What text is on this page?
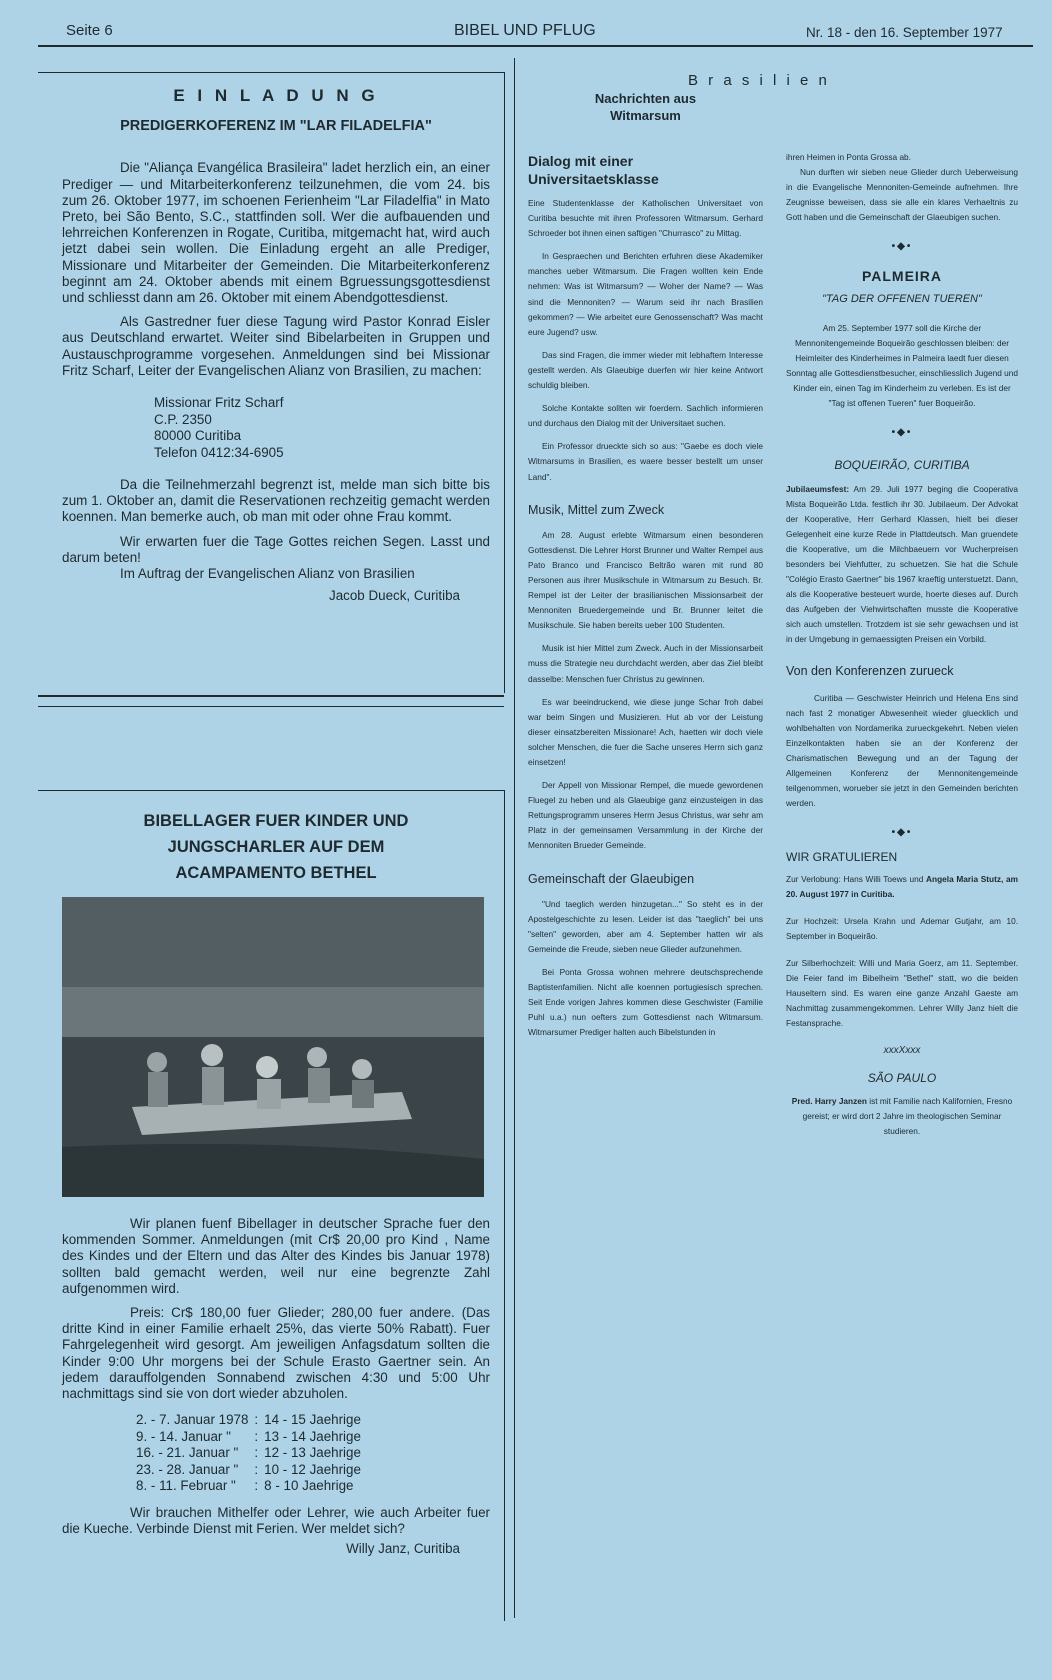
Seite 6	BIBEL UND PFLUG	Nr. 18 - den 16. September 1977
E I N L A D U N G
PREDIGERKOFERENZ IM "LAR FILADELFIA"

Die "Aliança Evangélica Brasileira" ladet herzlich ein, an einer Prediger — und Mitarbeiterkonferenz teilzunehmen, die vom 24. bis zum 26. Oktober 1977, im schoenen Ferienheim "Lar Filadelfia" in Mato Preto, bei São Bento, S.C., stattfinden soll. Wer die aufbauenden und lehrreichen Konferenzen in Rogate, Curitiba, mitgemacht hat, wird auch jetzt dabei sein wollen. Die Einladung ergeht an alle Prediger, Missionare und Mitarbeiter der Gemeinden. Die Mitarbeiterkonferenz beginnt am 24. Oktober abends mit einem Bgruessungsgottesdienst und schliesst dann am 26. Oktober mit einem Abendgottesdienst.

Als Gastredner fuer diese Tagung wird Pastor Konrad Eisler aus Deutschland erwartet. Weiter sind Bibelarbeiten in Gruppen und Austauschprogramme vorgesehen. Anmeldungen sind bei Missionar Fritz Scharf, Leiter der Evangelischen Alianz von Brasilien, zu machen:

Missionar Fritz Scharf
C.P. 2350
80000 Curitiba
Telefon 0412:34-6905

Da die Teilnehmerzahl begrenzt ist, melde man sich bitte bis zum 1. Oktober an, damit die Reservationen rechzeitig gemacht werden koennen. Man bemerke auch, ob man mit oder ohne Frau kommt.

Wir erwarten fuer die Tage Gottes reichen Segen. Lasst und darum beten!

Im Auftrag der Evangelischen Alianz von Brasilien
Jacob Dueck, Curitiba
BIBELLAGER FUER KINDER UND
JUNGSCHARLER AUF DEM
ACAMPAMENTO BETHEL

Wir planen fuenf Bibellager in deutscher Sprache fuer den kommenden Sommer. Anmeldungen (mit Cr$ 20,00 pro Kind , Name des Kindes und der Eltern und das Alter des Kindes bis Januar 1978) sollten bald gemacht werden, weil nur eine begrenzte Zahl aufgenommen wird.

Preis: Cr$ 180,00 fuer Glieder; 280,00 fuer andere. (Das dritte Kind in einer Familie erhaelt 25%, das vierte 50% Rabatt). Fuer Fahrgelegenheit wird gesorgt. Am jeweiligen Anfagsdatum sollten die Kinder 9:00 Uhr morgens bei der Schule Erasto Gaertner sein. An jedem darauffolgenden Sonnabend zwischen 4:30 und 5:00 Uhr nachmittags sind sie von dort wieder abzuholen.

2. - 7. Januar 1978	:	14 - 15 Jaehrige
9. - 14. Januar "	:	13 - 14 Jaehrige
16. - 21. Januar "	:	12 - 13 Jaehrige
23. - 28. Januar "	:	10 - 12 Jaehrige
8. - 11. Februar "	:	8 - 10 Jaehrige

Wir brauchen Mithelfer oder Lehrer, wie auch Arbeiter fuer die Kueche. Verbinde Dienst mit Ferien. Wer meldet sich?

Willy Janz, Curitiba
B r a s i l i e n
Nachrichten aus
Witmarsum
Dialog mit einer Universitaetsklasse

Eine Studentenklasse der Katholischen Universitaet von Curitiba besuchte mit ihren Professoren Witmarsum. Gerhard Schroeder bot ihnen einen saftigen "Churrasco" zu Mittag.

In Gespraechen und Berichten erfuhren diese Akademiker manches ueber Witmarsum. Die Fragen wollten kein Ende nehmen: Was ist Witmarsum? — Woher der Name? — Was sind die Mennoniten? — Warum seid ihr nach Brasilien gekommen? — Wie arbeitet eure Genossenschaft? Was macht eure Jugend? usw.

Das sind Fragen, die immer wieder mit lebhaftem Interesse gestellt werden. Als Glaeubige duerfen wir hier keine Antwort schuldig bleiben.

Solche Kontakte sollten wir foerdern. Sachlich informieren und durchaus den Dialog mit der Universitaet suchen.

Ein Professor drueckte sich so aus: "Gaebe es doch viele Witmarsums in Brasilien, es waere besser bestellt um unser Land".

Musik, Mittel zum Zweck

Am 28. August erlebte Witmarsum einen besonderen Gottesdienst. Die Lehrer Horst Brunner und Walter Rempel aus Pato Branco und Francisco Beltrão waren mit rund 80 Personen aus ihrer Musikschule in Witmarsum zu Besuch. Br. Rempel ist der Leiter der brasilianischen Missionsarbeit der Mennoniten Bruedergemeinde und Br. Brunner leitet die Musikschule. Sie haben bereits ueber 100 Studenten.

Musik ist hier Mittel zum Zweck. Auch in der Missionsarbeit muss die Strategie neu durchdacht werden, aber das Ziel bleibt dasselbe: Menschen fuer Christus zu gewinnen.

Es war beeindruckend, wie diese junge Schar froh dabei war beim Singen und Musizieren. Hut ab vor der Leistung dieser einsatzbereiten Missionare! Ach, haetten wir doch viele solcher Menschen, die fuer die Sache unseres Herrn sich ganz einsetzen!

Der Appell von Missionar Rempel, die muede gewordenen Fluegel zu heben und als Glaeubige ganz einzusteigen in das Rettungsprogramm unseres Herrn Jesus Christus, war sehr am Platz in der gemeinsamen Versammlung in der Kirche der Mennoniten Brueder Gemeinde.

Gemeinschaft der Glaeubigen

"Und taeglich werden hinzugetan..." So steht es in der Apostelgeschichte zu lesen. Leider ist das "taeglich" bei uns "selten" geworden, aber am 4. September hatten wir als Gemeinde die Freude, sieben neue Glieder aufzunehmen.

Bei Ponta Grossa wohnen mehrere deutschsprechende Baptistenfamilien. Nicht alle koennen portugiesisch sprechen. Seit Ende vorigen Jahres kommen diese Geschwister (Familie Puhl u.a.) nun oefters zum Gottesdienst nach Witmarsum. Witmarsumer Prediger halten auch Bibelstunden in

ihren Heimen in Ponta Grossa ab.

Nun durften wir sieben neue Glieder durch Ueberweisung in die Evangelische Mennoniten-Gemeinde aufnehmen. Ihre Zeugnisse beweisen, dass sie alle ein klares Verhaeltnis zu Gott haben und die Gemeinschaft der Glaeubigen suchen.

•◆•
PALMEIRA
"TAG DER OFFENEN TUEREN"

Am 25. September 1977 soll die Kirche der Mennonitengemeinde Boqueirão geschlossen bleiben: der Heimleiter des Kinderheimes in Palmeira laedt fuer diesen Sonntag alle Gottesdienstbesucher, einschliesslich Jugend und Kinder ein, einen Tag im Kinderheim zu verleben. Es ist der "Tag ist offenen Tueren" fuer Boqueirão.

•◆•
BOQUEIRÃO, CURITIBA

Jubilaeumsfest: Am 29. Juli 1977 beging die Cooperativa Mista Boqueirão Ltda. festlich ihr 30. Jubilaeum. Der Advokat der Kooperative, Herr Gerhard Klassen, hielt bei dieser Gelegenheit eine kurze Rede in Plattdeutsch. Man gruendete die Kooperative, um die Milchbaeuern vor Wucherpreisen besonders bei Viehfutter, zu schuetzen. Sie hat die Schule "Colégio Erasto Gaertner" bis 1967 kraeftig unterstuetzt. Dann, als die Kooperative besteuert wurde, hoerte dieses auf. Durch das Aufgeben der Viehwirtschaften musste die Kooperative sich auch umstellen. Trotzdem ist sie sehr gewachsen und ist in der Umgebung in gemaessigten Preisen ein Vorbild.

Von den Konferenzen zurueck

Curitiba — Geschwister Heinrich und Helena Ens sind nach fast 2 monatiger Abwesenheit wieder gluecklich und wohlbehalten von Nordamerika zurueckgekehrt. Neben vielen Einzelkontakten haben sie an der Konferenz der Charismatischen Bewegung und an der Tagung der Allgemeinen Konferenz der Mennonitengemeinde teilgenommen, worueber sie jetzt in den Gemeinden berichten werden.

•◆•
WIR GRATULIEREN

Zur Verlobung: Hans Willi Toews und Angela Maria Stutz, am 20. August 1977 in Curitiba.

Zur Hochzeit: Ursela Krahn und Ademar Gutjahr, am 10. September in Boqueirão.

Zur Silberhochzeit: Willi und Maria Goerz, am 11. September. Die Feier fand im Bibelheim "Bethel" statt, wo die beiden Hauseltern sind. Es waren eine ganze Anzahl Gaeste am Nachmittag zusammengekommen. Lehrer Willy Janz hielt die Festansprache.

xxxXxxx
SÃO PAULO

Pred. Harry Janzen ist mit Familie nach Kalifornien, Fresno gereist; er wird dort 2 Jahre im theologischen Seminar studieren.
